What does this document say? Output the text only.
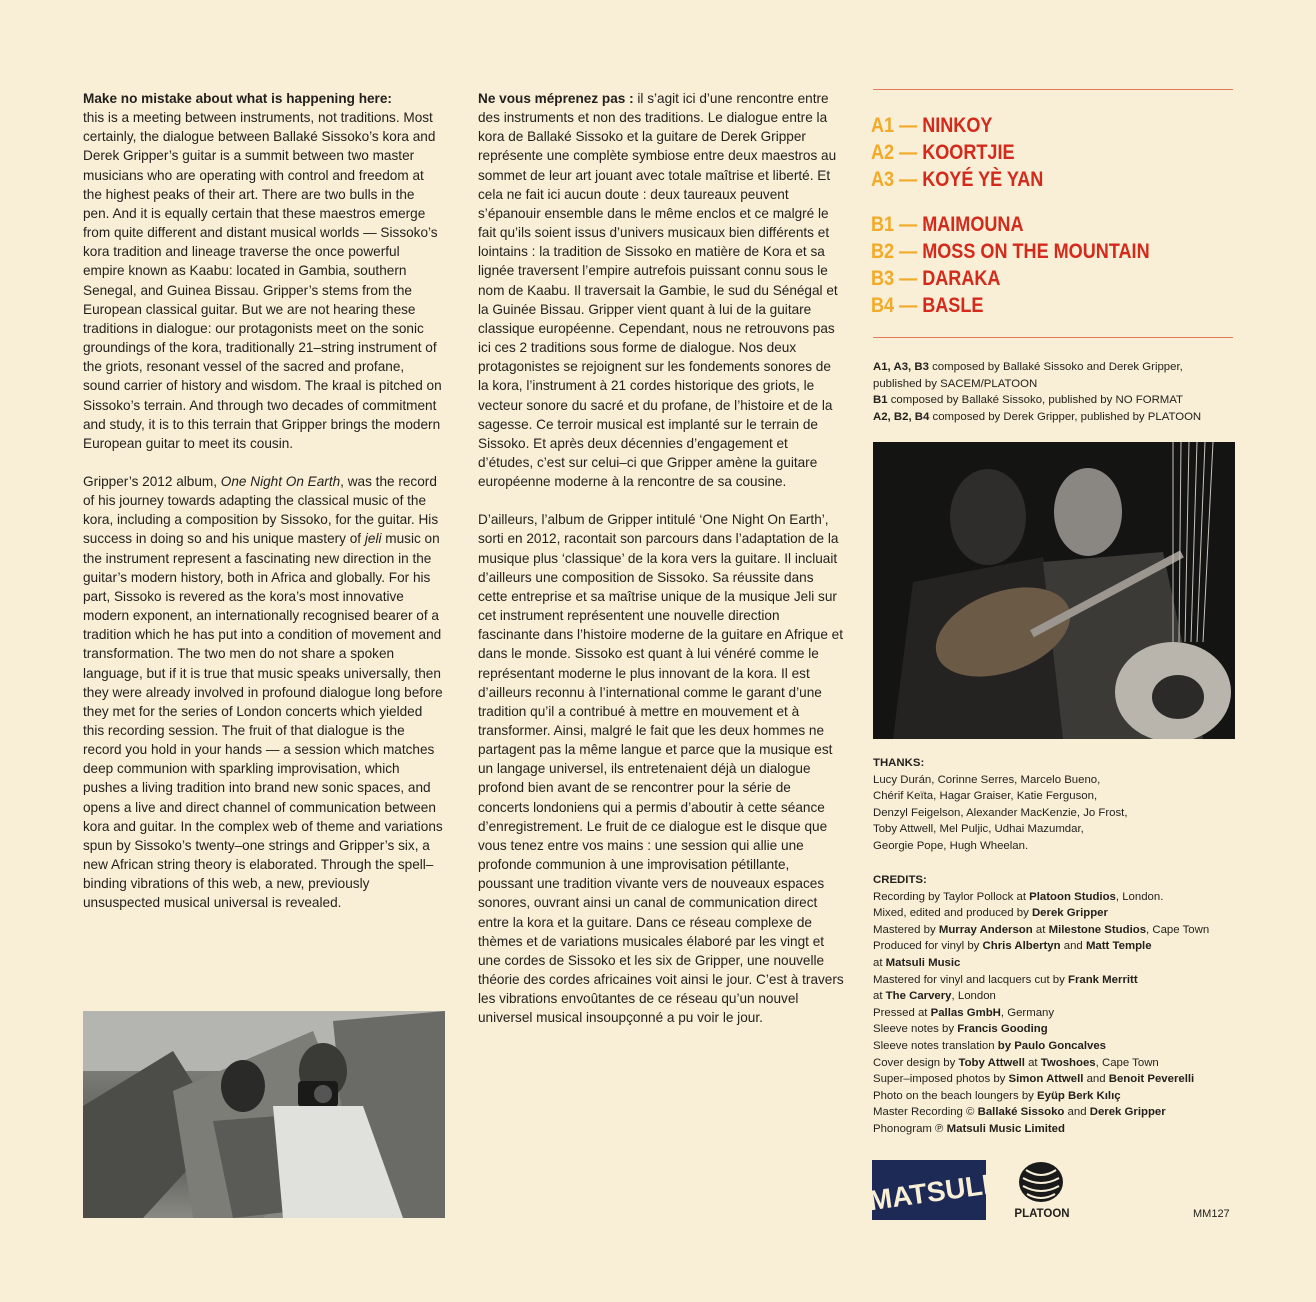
Make no mistake about what is happening here:
this is a meeting between instruments, not traditions. Most certainly, the dialogue between Ballaké Sissoko’s kora and Derek Gripper’s guitar is a summit between two master musicians who are operating with control and freedom at the highest peaks of their art. There are two bulls in the pen. And it is equally certain that these maestros emerge from quite different and distant musical worlds — Sissoko’s kora tradition and lineage traverse the once powerful empire known as Kaabu: located in Gambia, southern Senegal, and Guinea Bissau. Gripper’s stems from the European classical guitar. But we are not hearing these traditions in dialogue: our protagonists meet on the sonic groundings of the kora, traditionally 21–string instrument of the griots, resonant vessel of the sacred and profane, sound carrier of history and wisdom. The kraal is pitched on Sissoko’s terrain. And through two decades of commitment and study, it is to this terrain that Gripper brings the modern European guitar to meet its cousin.

Gripper’s 2012 album, One Night On Earth, was the record of his journey towards adapting the classical music of the kora, including a composition by Sissoko, for the guitar. His success in doing so and his unique mastery of jeli music on the instrument represent a fascinating new direction in the guitar’s modern history, both in Africa and globally. For his part, Sissoko is revered as the kora’s most innovative modern exponent, an internationally recognised bearer of a tradition which he has put into a condition of movement and transformation. The two men do not share a spoken language, but if it is true that music speaks universally, then they were already involved in profound dialogue long before they met for the series of London concerts which yielded this recording session. The fruit of that dialogue is the record you hold in your hands — a session which matches deep communion with sparkling improvisation, which pushes a living tradition into brand new sonic spaces, and opens a live and direct channel of communication between kora and guitar. In the complex web of theme and variations spun by Sissoko’s twenty–one strings and Gripper’s six, a new African string theory is elaborated. Through the spell–binding vibrations of this web, a new, previously unsuspected musical universal is revealed.

Ne vous méprenez pas : il s’agit ici d’une rencontre entre des instruments et non des traditions. Le dialogue entre la kora de Ballaké Sissoko et la guitare de Derek Gripper représente une complète symbiose entre deux maestros au sommet de leur art jouant avec totale maîtrise et liberté. Et cela ne fait ici aucun doute : deux taureaux peuvent s’épanouir ensemble dans le même enclos et ce malgré le fait qu’ils soient issus d’univers musicaux bien différents et lointains : la tradition de Sissoko en matière de Kora et sa lignée traversent l’empire autrefois puissant connu sous le nom de Kaabu. Il traversait la Gambie, le sud du Sénégal et la Guinée Bissau. Gripper vient quant à lui de la guitare classique européenne. Cependant, nous ne retrouvons pas ici ces 2 traditions sous forme de dialogue. Nos deux protagonistes se rejoignent sur les fondements sonores de la kora, l’instrument à 21 cordes historique des griots, le vecteur sonore du sacré et du profane, de l’histoire et de la sagesse. Ce terroir musical est implanté sur le terrain de Sissoko. Et après deux décennies d’engagement et d’études, c’est sur celui–ci que Gripper amène la guitare européenne moderne à la rencontre de sa cousine.

D’ailleurs, l’album de Gripper intitulé ‘One Night On Earth’, sorti en 2012, racontait son parcours dans l’adaptation de la musique plus ‘classique’ de la kora vers la guitare. Il incluait d’ailleurs une composition de Sissoko. Sa réussite dans cette entreprise et sa maîtrise unique de la musique Jeli sur cet instrument représentent une nouvelle direction fascinante dans l’histoire moderne de la guitare en Afrique et dans le monde. Sissoko est quant à lui vénéré comme le représentant moderne le plus innovant de la kora. Il est d’ailleurs reconnu à l’international comme le garant d’une tradition qu’il a contribué à mettre en mouvement et à transformer. Ainsi, malgré le fait que les deux hommes ne partagent pas la même langue et parce que la musique est un langage universel, ils entretenaient déjà un dialogue profond bien avant de se rencontrer pour la série de concerts londoniens qui a permis d’aboutir à cette séance d’enregistrement. Le fruit de ce dialogue est le disque que vous tenez entre vos mains : une session qui allie une profonde communion à une improvisation pétillante, poussant une tradition vivante vers de nouveaux espaces sonores, ouvrant ainsi un canal de communication direct entre la kora et la guitare. Dans ce réseau complexe de thèmes et de variations musicales élaboré par les vingt et une cordes de Sissoko et les six de Gripper, une nouvelle théorie des cordes africaines voit ainsi le jour. C’est à travers les vibrations envoûtantes de ce réseau qu’un nouvel universel musical insoupçonné a pu voir le jour.

A1 — NINKOY
A2 — KOORTJIE
A3 — KOYÉ YÈ YAN
B1 — MAIMOUNA
B2 — MOSS ON THE MOUNTAIN
B3 — DARAKA
B4 — BASLE
A1, A3, B3 composed by Ballaké Sissoko and Derek Gripper,
published by SACEM/PLATOON
B1 composed by Ballaké Sissoko, published by NO FORMAT
A2, B2, B4 composed by Derek Gripper, published by PLATOON
THANKS:
Lucy Durán, Corinne Serres, Marcelo Bueno,
Chérif Keïta, Hagar Graiser, Katie Ferguson,
Denzyl Feigelson, Alexander MacKenzie, Jo Frost,
Toby Attwell, Mel Puljic, Udhai Mazumdar,
Georgie Pope, Hugh Wheelan.
CREDITS:
Recording by Taylor Pollock at Platoon Studios, London.
Mixed, edited and produced by Derek Gripper
Mastered by Murray Anderson at Milestone Studios, Cape Town
Produced for vinyl by Chris Albertyn and Matt Temple
at Matsuli Music
Mastered for vinyl and lacquers cut by Frank Merritt
at The Carvery, London
Pressed at Pallas GmbH, Germany
Sleeve notes by Francis Gooding
Sleeve notes translation by Paulo Goncalves
Cover design by Toby Attwell at Twoshoes, Cape Town
Super–imposed photos by Simon Attwell and Benoit Peverelli
Photo on the beach loungers by Eyüp Berk Kılıç
Master Recording © Ballaké Sissoko and Derek Gripper
Phonogram ℗ Matsuli Music Limited
MATSULI	PLATOON	MM127
